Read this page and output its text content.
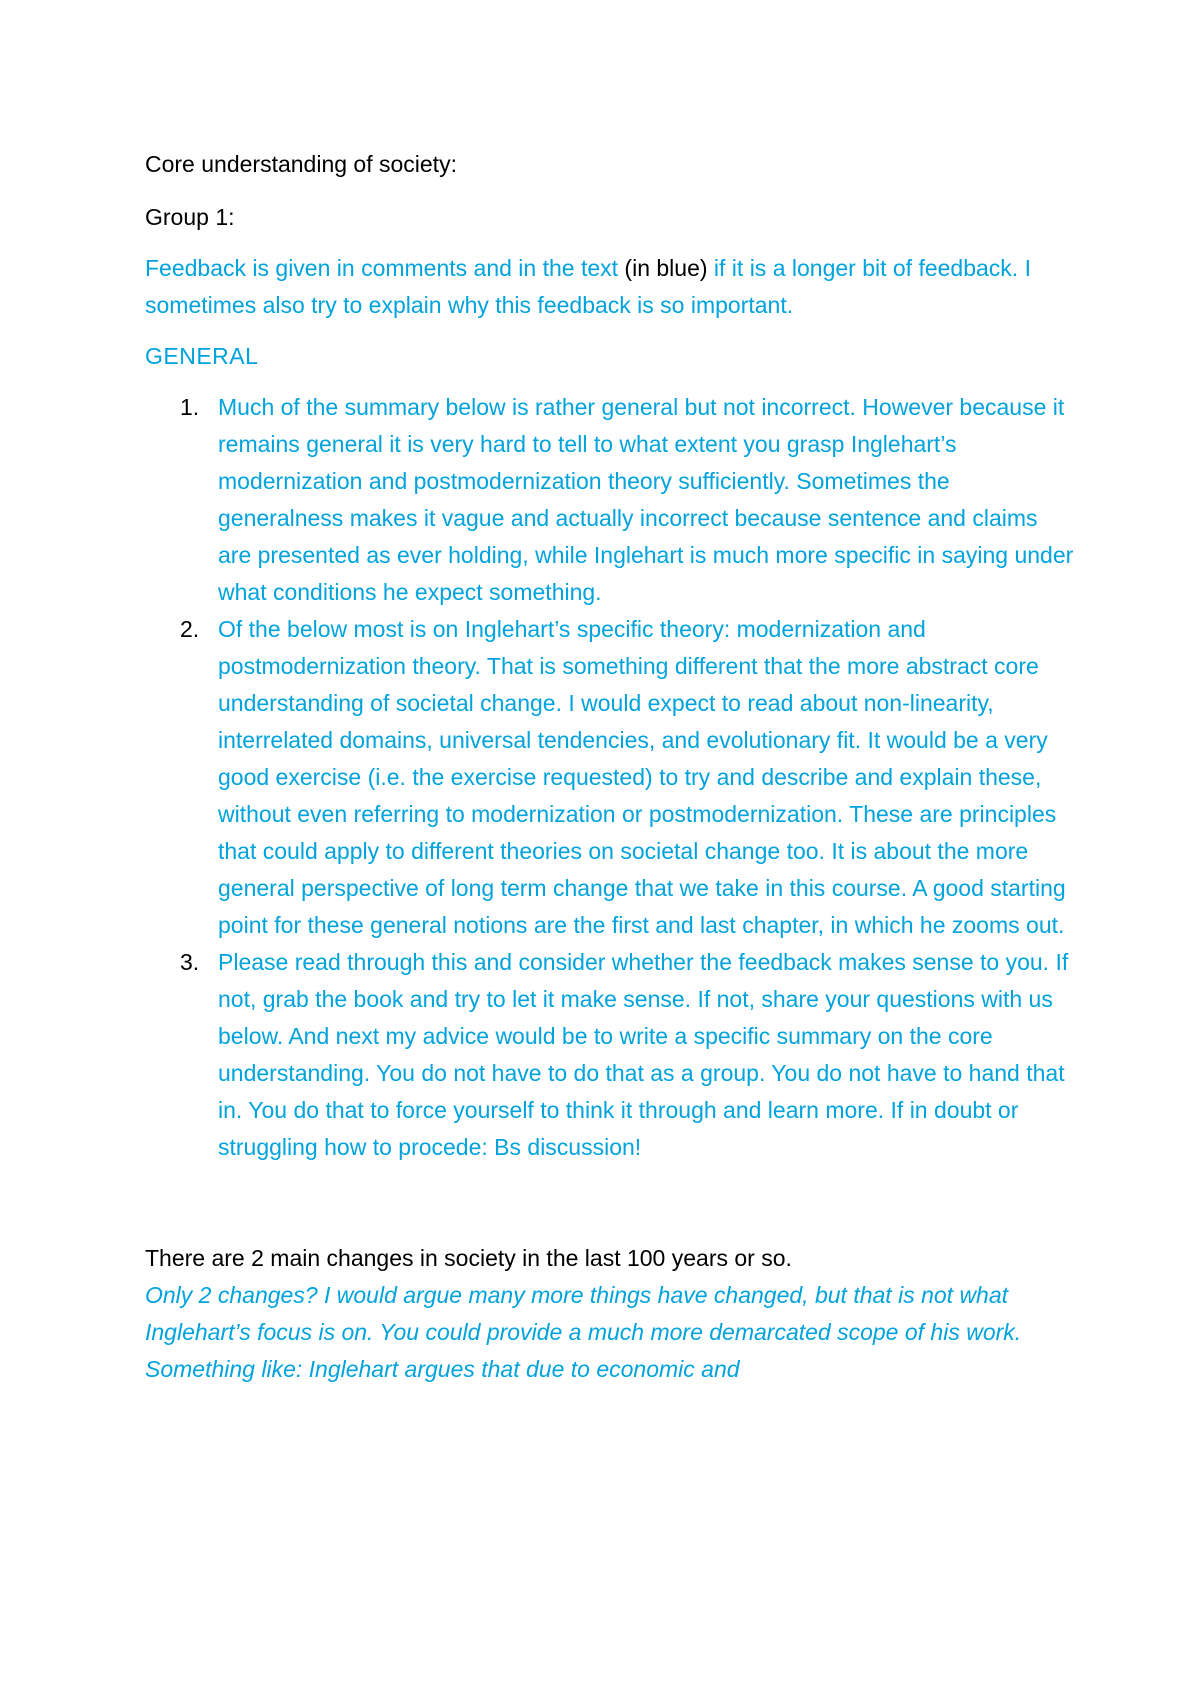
Core understanding of society:

Group 1:

Feedback is given in comments and in the text (in blue) if it is a longer bit of feedback. I sometimes also try to explain why this feedback is so important.

GENERAL

1. Much of the summary below is rather general but not incorrect. However because it remains general it is very hard to tell to what extent you grasp Inglehart’s modernization and postmodernization theory sufficiently. Sometimes the generalness makes it vague and actually incorrect because sentence and claims are presented as ever holding, while Inglehart is much more specific in saying under what conditions he expect something.
2. Of the below most is on Inglehart’s specific theory: modernization and postmodernization theory. That is something different that the more abstract core understanding of societal change. I would expect to read about non-linearity, interrelated domains, universal tendencies, and evolutionary fit. It would be a very good exercise (i.e. the exercise requested) to try and describe and explain these, without even referring to modernization or postmodernization. These are principles that could apply to different theories on societal change too. It is about the more general perspective of long term change that we take in this course. A good starting point for these general notions are the first and last chapter, in which he zooms out.
3. Please read through this and consider whether the feedback makes sense to you. If not, grab the book and try to let it make sense. If not, share your questions with us below. And next my advice would be to write a specific summary on the core understanding. You do not have to do that as a group. You do not have to hand that in. You do that to force yourself to think it through and learn more. If in doubt or struggling how to procede: Bs discussion!

There are 2 main changes in society in the last 100 years or so.

Only 2 changes? I would argue many more things have changed, but that is not what Inglehart’s focus is on. You could provide a much more demarcated scope of his work. Something like: Inglehart argues that due to economic and
